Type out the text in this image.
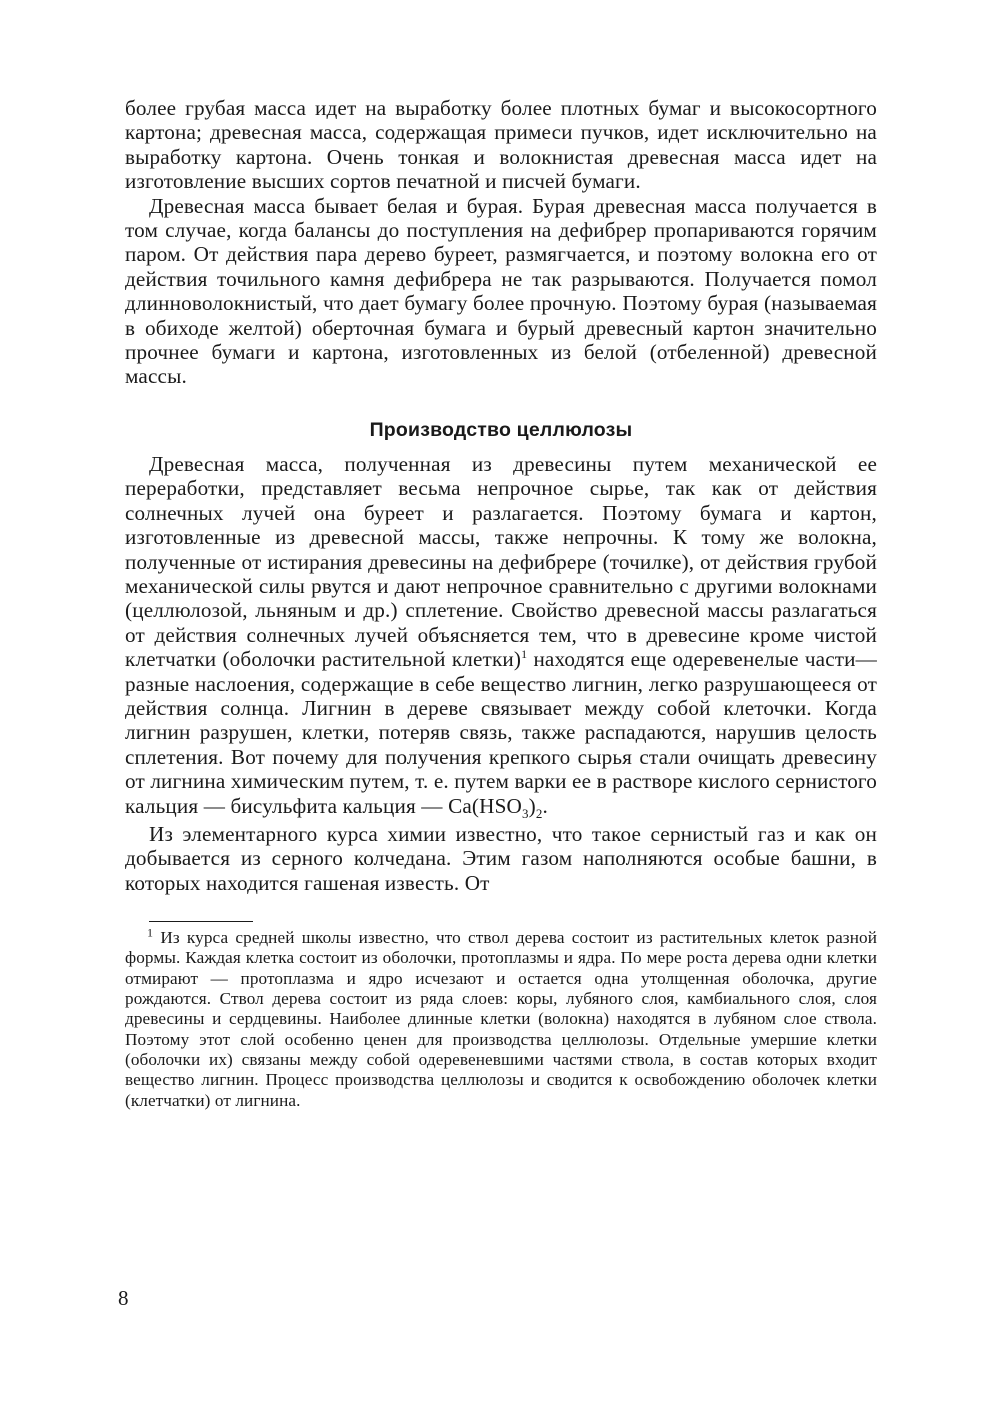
более грубая масса идет на выработку более плотных бумаг и высокосортного картона; древесная масса, содержащая примеси пучков, идет исключительно на выработку картона. Очень тонкая и волокнистая древесная масса идет на изготовление высших сортов печатной и писчей бумаги.

Древесная масса бывает белая и бурая. Бурая древесная масса получается в том случае, когда балансы до поступления на дефибрер пропариваются горячим паром. От действия пара дерево буреет, размягчается, и поэтому волокна его от действия точильного камня дефибрера не так разрываются. Получается помол длинноволокнистый, что дает бумагу более прочную. Поэтому бурая (называемая в обиходе желтой) оберточная бумага и бурый древесный картон значительно прочнее бумаги и картона, изготовленных из белой (отбеленной) древесной массы.

Производство целлюлозы

Древесная масса, полученная из древесины путем механической ее переработки, представляет весьма непрочное сырье, так как от действия солнечных лучей она буреет и разлагается. Поэтому бумага и картон, изготовленные из древесной массы, также непрочны. К тому же волокна, полученные от истирания древесины на дефибрере (точилке), от действия грубой механической силы рвутся и дают непрочное сравнительно с другими волокнами (целлюлозой, льняным и др.) сплетение. Свойство древесной массы разлагаться от действия солнечных лучей объясняется тем, что в древесине кроме чистой клетчатки (оболочки растительной клетки)$^1$ находятся еще одеревенелые части—разные наслоения, содержащие в себе вещество лигнин, легко разрушающееся от действия солнца. Лигнин в дереве связывает между собой клеточки. Когда лигнин разрушен, клетки, потеряв связь, также распадаются, нарушив целость сплетения. Вот почему для получения крепкого сырья стали очищать древесину от лигнина химическим путем, т. е. путем варки ее в растворе кислого сернистого кальция — бисульфита кальция — $Ca(HSO_3)_2$.

Из элементарного курса химии известно, что такое сернистый газ и как он добывается из серного колчедана. Этим газом наполняются особые башни, в которых находится гашеная известь. От

$^1$ Из курса средней школы известно, что ствол дерева состоит из растительных клеток разной формы. Каждая клетка состоит из оболочки, протоплазмы и ядра. По мере роста дерева одни клетки отмирают — протоплазма и ядро исчезают и остается одна утолщенная оболочка, другие рождаются. Ствол дерева состоит из ряда слоев: коры, лубяного слоя, камбиального слоя, слоя древесины и сердцевины. Наиболее длинные клетки (волокна) находятся в лубяном слое ствола. Поэтому этот слой особенно ценен для производства целлюлозы. Отдельные умершие клетки (оболочки их) связаны между собой одеревеневшими частями ствола, в состав которых входит вещество лигнин. Процесс производства целлюлозы и сводится к освобождению оболочек клетки (клетчатки) от лигнина.

8
